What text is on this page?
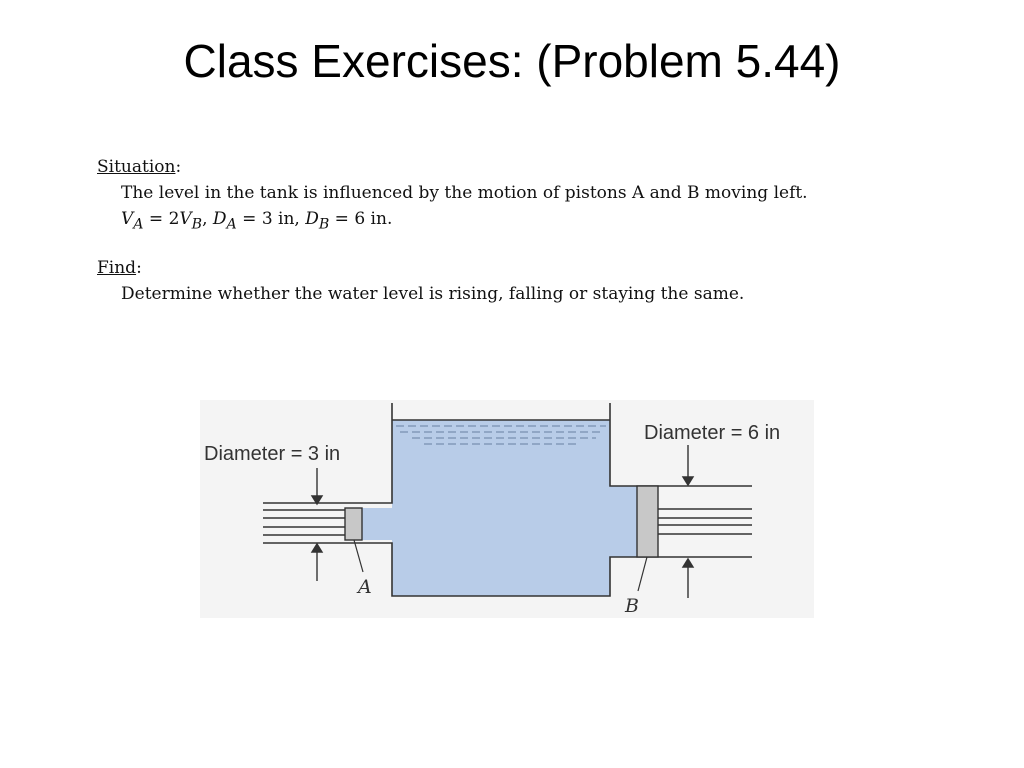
Class Exercises: (Problem 5.44)
Situation:
The level in the tank is influenced by the motion of pistons A and B moving left.
$V_A = 2V_B$, $D_A = 3$ in, $D_B = 6$ in.
Find:
Determine whether the water level is rising, falling or staying the same.
Diameter = 3 in
Diameter = 6 in
A
B
